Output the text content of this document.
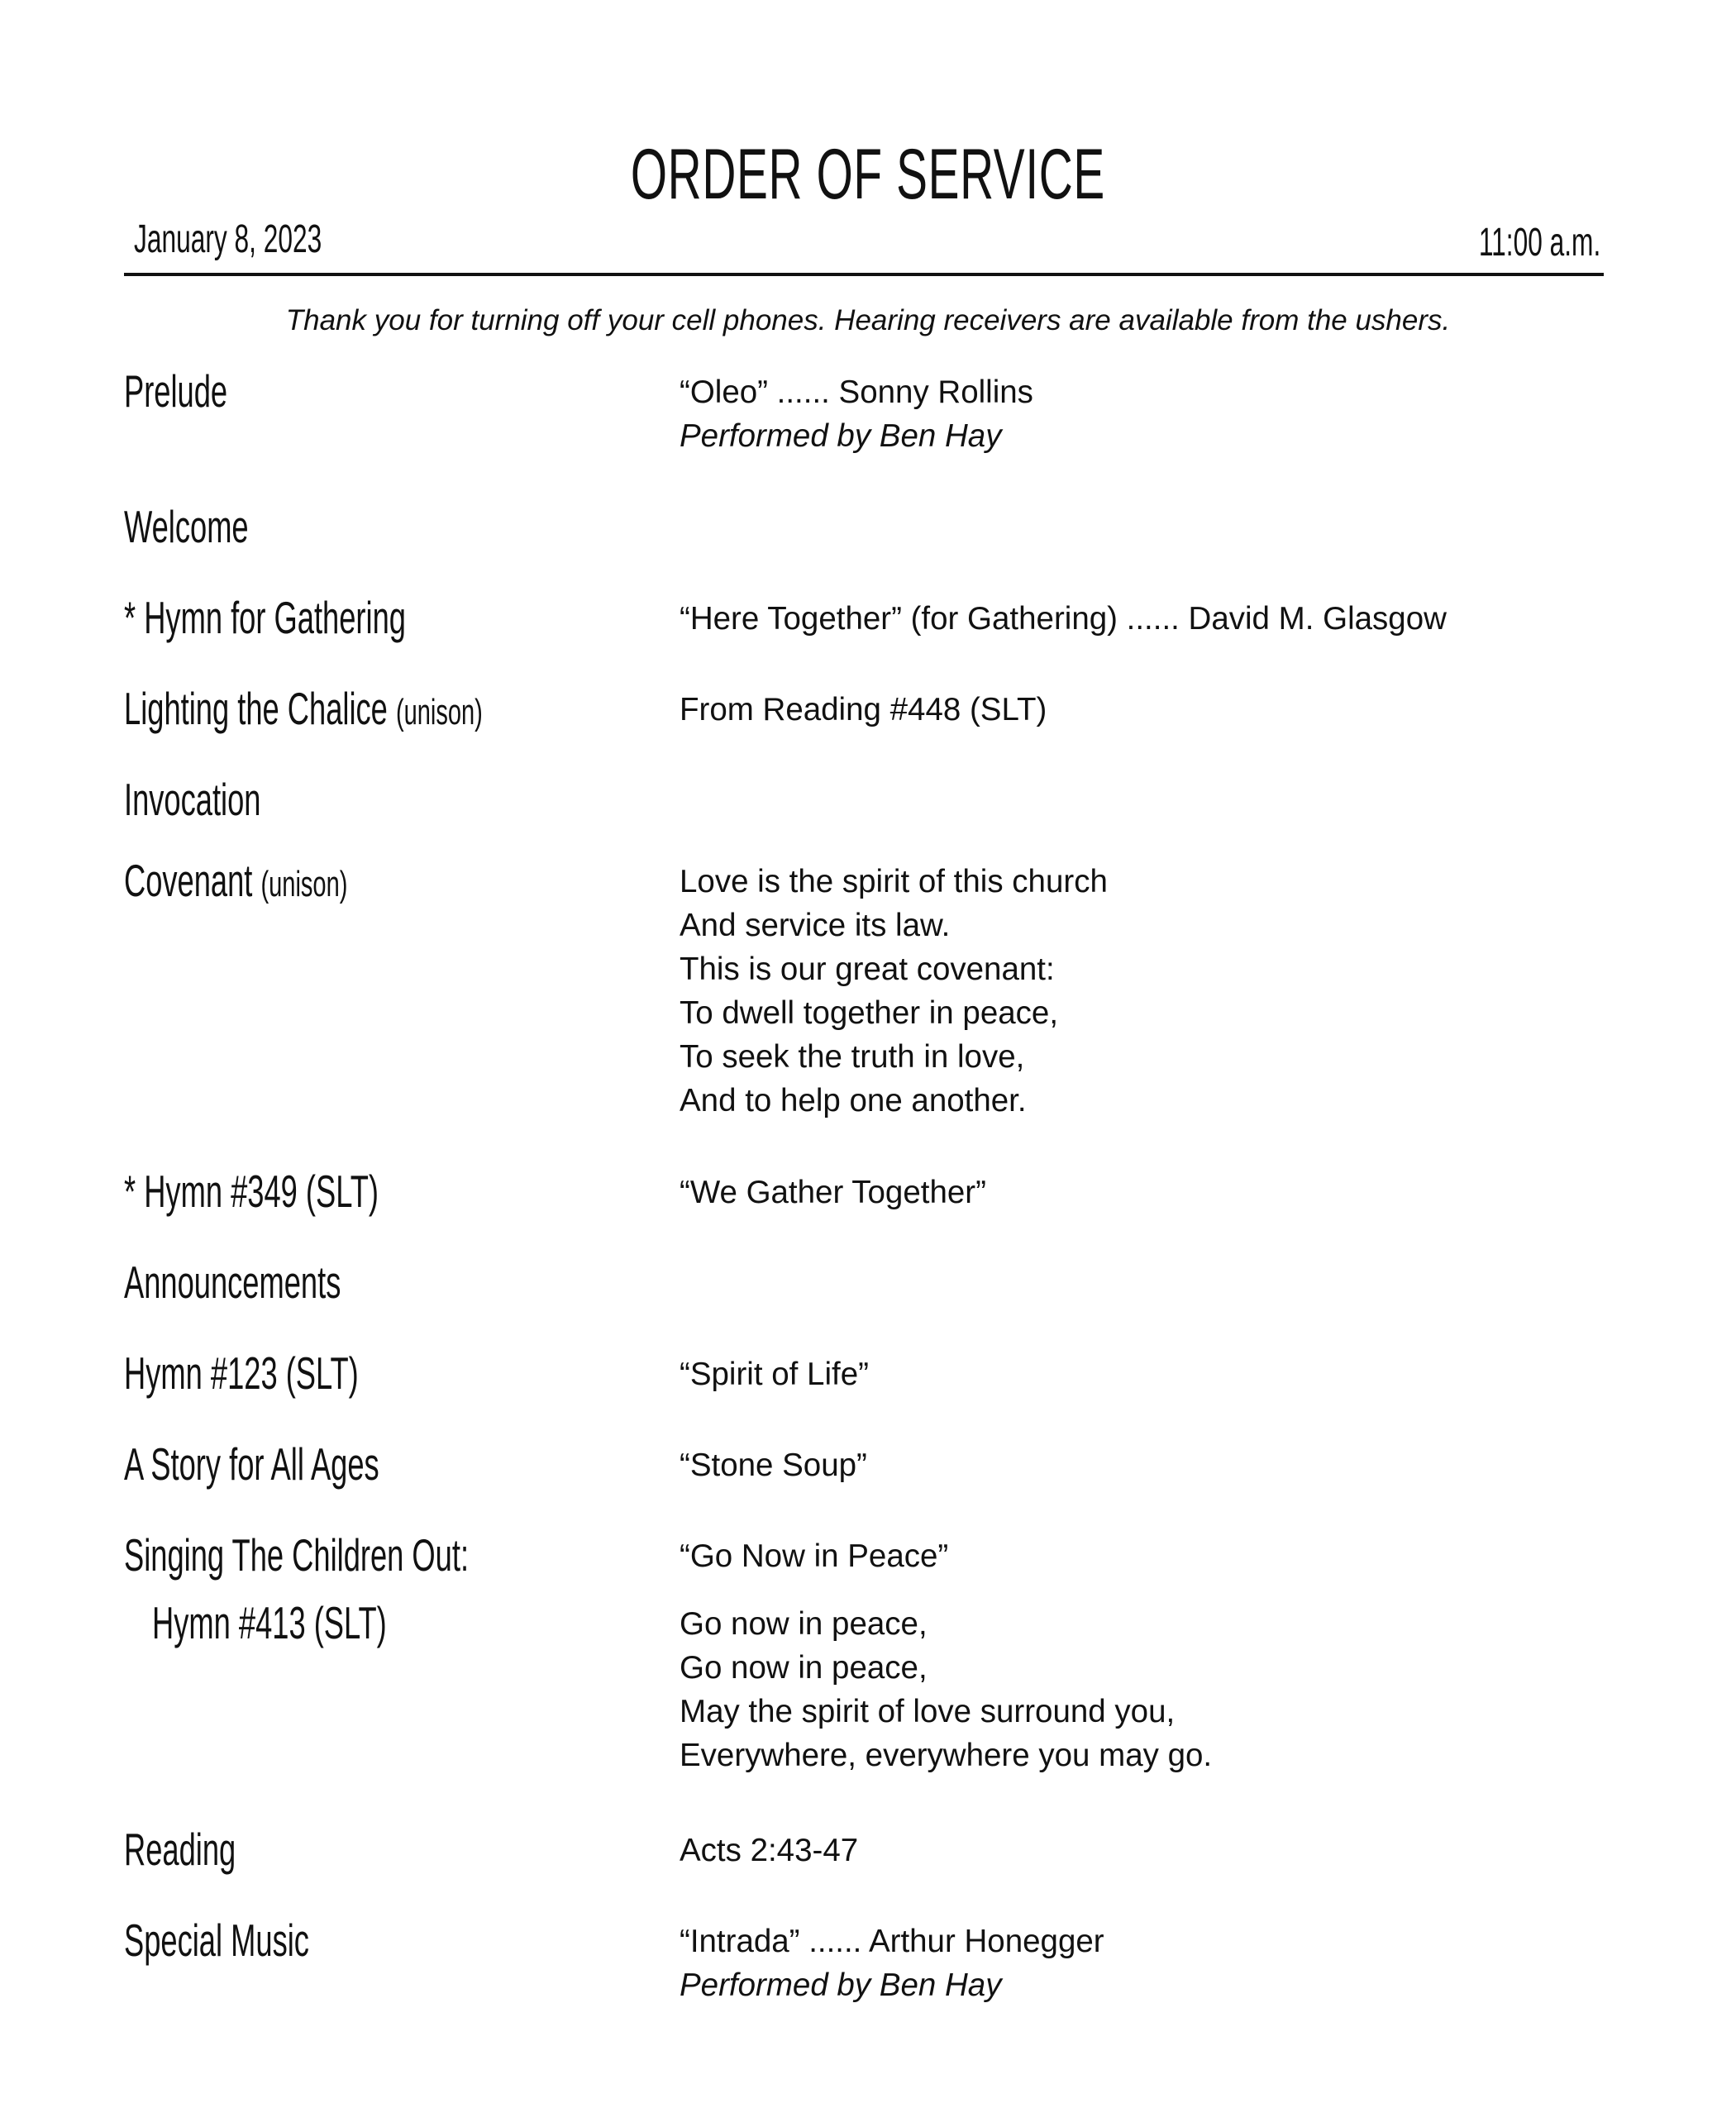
ORDER OF SERVICE
January 8, 2023	11:00 a.m.
Thank you for turning off your cell phones. Hearing receivers are available from the ushers.
Prelude	“Oleo” ...... Sonny Rollins
Performed by Ben Hay
Welcome
* Hymn for Gathering	“Here Together” (for Gathering) ...... David M. Glasgow
Lighting the Chalice (unison)	From Reading #448 (SLT)
Invocation
Covenant (unison)	Love is the spirit of this church
And service its law.
This is our great covenant:
To dwell together in peace,
To seek the truth in love,
And to help one another.
* Hymn #349 (SLT)	“We Gather Together”
Announcements
Hymn #123 (SLT)	“Spirit of Life”
A Story for All Ages	“Stone Soup”
Singing The Children Out:	“Go Now in Peace”
Hymn #413 (SLT)	Go now in peace,
Go now in peace,
May the spirit of love surround you,
Everywhere, everywhere you may go.
Reading	Acts 2:43-47
Special Music	“Intrada” ...... Arthur Honegger
Performed by Ben Hay
